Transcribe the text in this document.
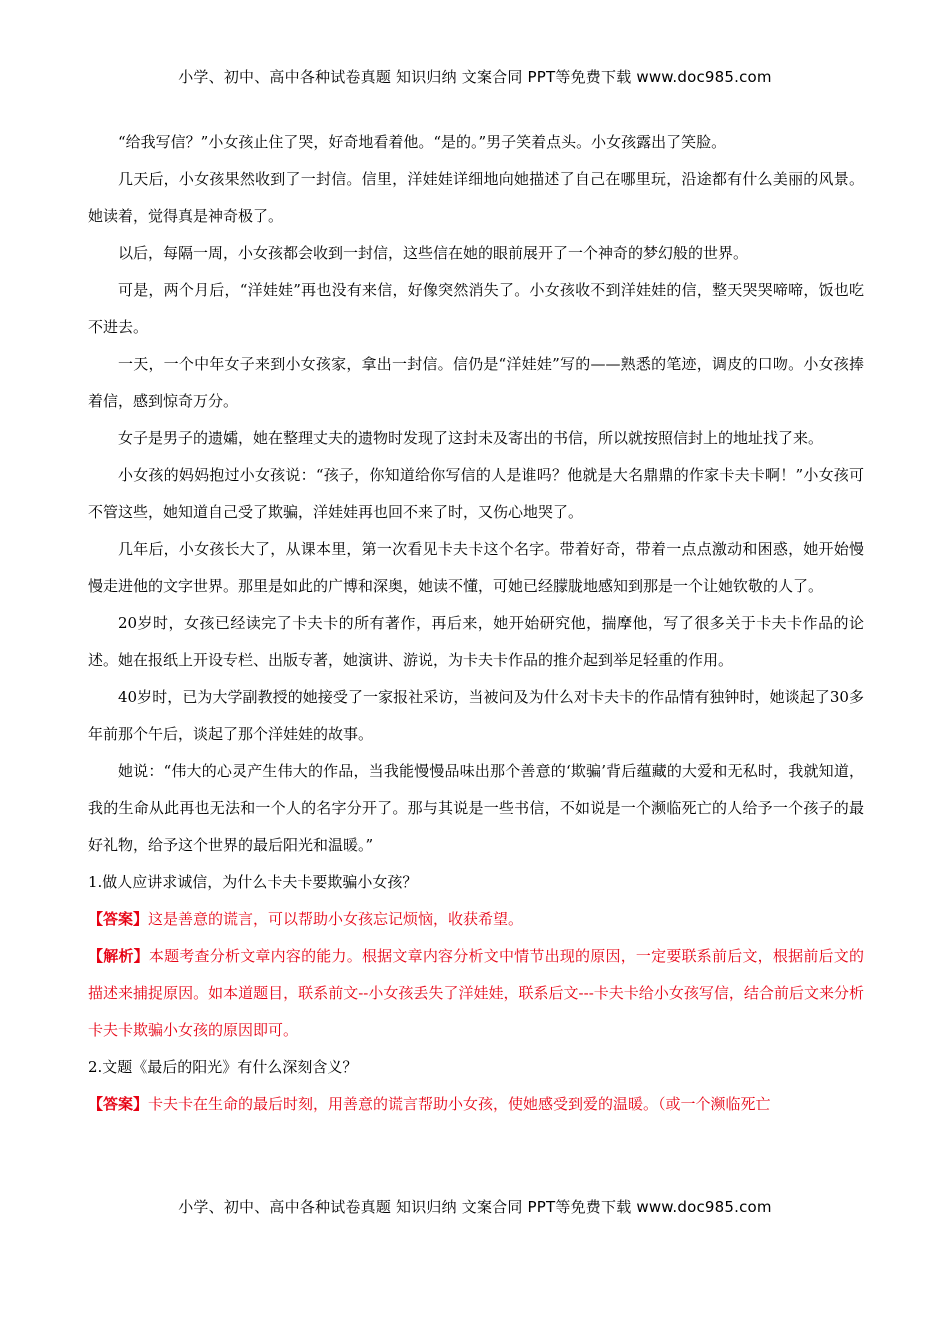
小学、初中、高中各种试卷真题 知识归纳 文案合同 PPT等免费下载 www.doc985.com

“给我写信？”小女孩止住了哭，好奇地看着他。“是的。”男子笑着点头。小女孩露出了笑脸。

几天后，小女孩果然收到了一封信。信里，洋娃娃详细地向她描述了自己在哪里玩，沿途都有什么美丽的风景。她读着，觉得真是神奇极了。

以后，每隔一周，小女孩都会收到一封信，这些信在她的眼前展开了一个神奇的梦幻般的世界。

可是，两个月后，“洋娃娃”再也没有来信，好像突然消失了。小女孩收不到洋娃娃的信，整天哭哭啼啼，饭也吃不进去。

一天，一个中年女子来到小女孩家，拿出一封信。信仍是“洋娃娃”写的——熟悉的笔迹，调皮的口吻。小女孩捧着信，感到惊奇万分。

女子是男子的遗孀，她在整理丈夫的遗物时发现了这封未及寄出的书信，所以就按照信封上的地址找了来。

小女孩的妈妈抱过小女孩说：“孩子，你知道给你写信的人是谁吗？他就是大名鼎鼎的作家卡夫卡啊！”小女孩可不管这些，她知道自己受了欺骗，洋娃娃再也回不来了时，又伤心地哭了。

几年后，小女孩长大了，从课本里，第一次看见卡夫卡这个名字。带着好奇，带着一点点激动和困惑，她开始慢慢走进他的文字世界。那里是如此的广博和深奥，她读不懂，可她已经朦胧地感知到那是一个让她钦敬的人了。

20岁时，女孩已经读完了卡夫卡的所有著作，再后来，她开始研究他，揣摩他，写了很多关于卡夫卡作品的论述。她在报纸上开设专栏、出版专著，她演讲、游说，为卡夫卡作品的推介起到举足轻重的作用。

40岁时，已为大学副教授的她接受了一家报社采访，当被问及为什么对卡夫卡的作品情有独钟时，她谈起了30多年前那个午后，谈起了那个洋娃娃的故事。

她说：“伟大的心灵产生伟大的作品，当我能慢慢品味出那个善意的‘欺骗’背后蕴藏的大爱和无私时，我就知道，我的生命从此再也无法和一个人的名字分开了。那与其说是一些书信，不如说是一个濒临死亡的人给予一个孩子的最好礼物，给予这个世界的最后阳光和温暖。”

1.做人应讲求诚信，为什么卡夫卡要欺骗小女孩？

【答案】这是善意的谎言，可以帮助小女孩忘记烦恼，收获希望。

【解析】本题考查分析文章内容的能力。根据文章内容分析文中情节出现的原因，一定要联系前后文，根据前后文的描述来捕捉原因。如本道题目，联系前文--小女孩丢失了洋娃娃，联系后文---卡夫卡给小女孩写信，结合前后文来分析卡夫卡欺骗小女孩的原因即可。

2.文题《最后的阳光》有什么深刻含义？

【答案】卡夫卡在生命的最后时刻，用善意的谎言帮助小女孩，使她感受到爱的温暖。（或一个濒临死亡

小学、初中、高中各种试卷真题 知识归纳 文案合同 PPT等免费下载 www.doc985.com
